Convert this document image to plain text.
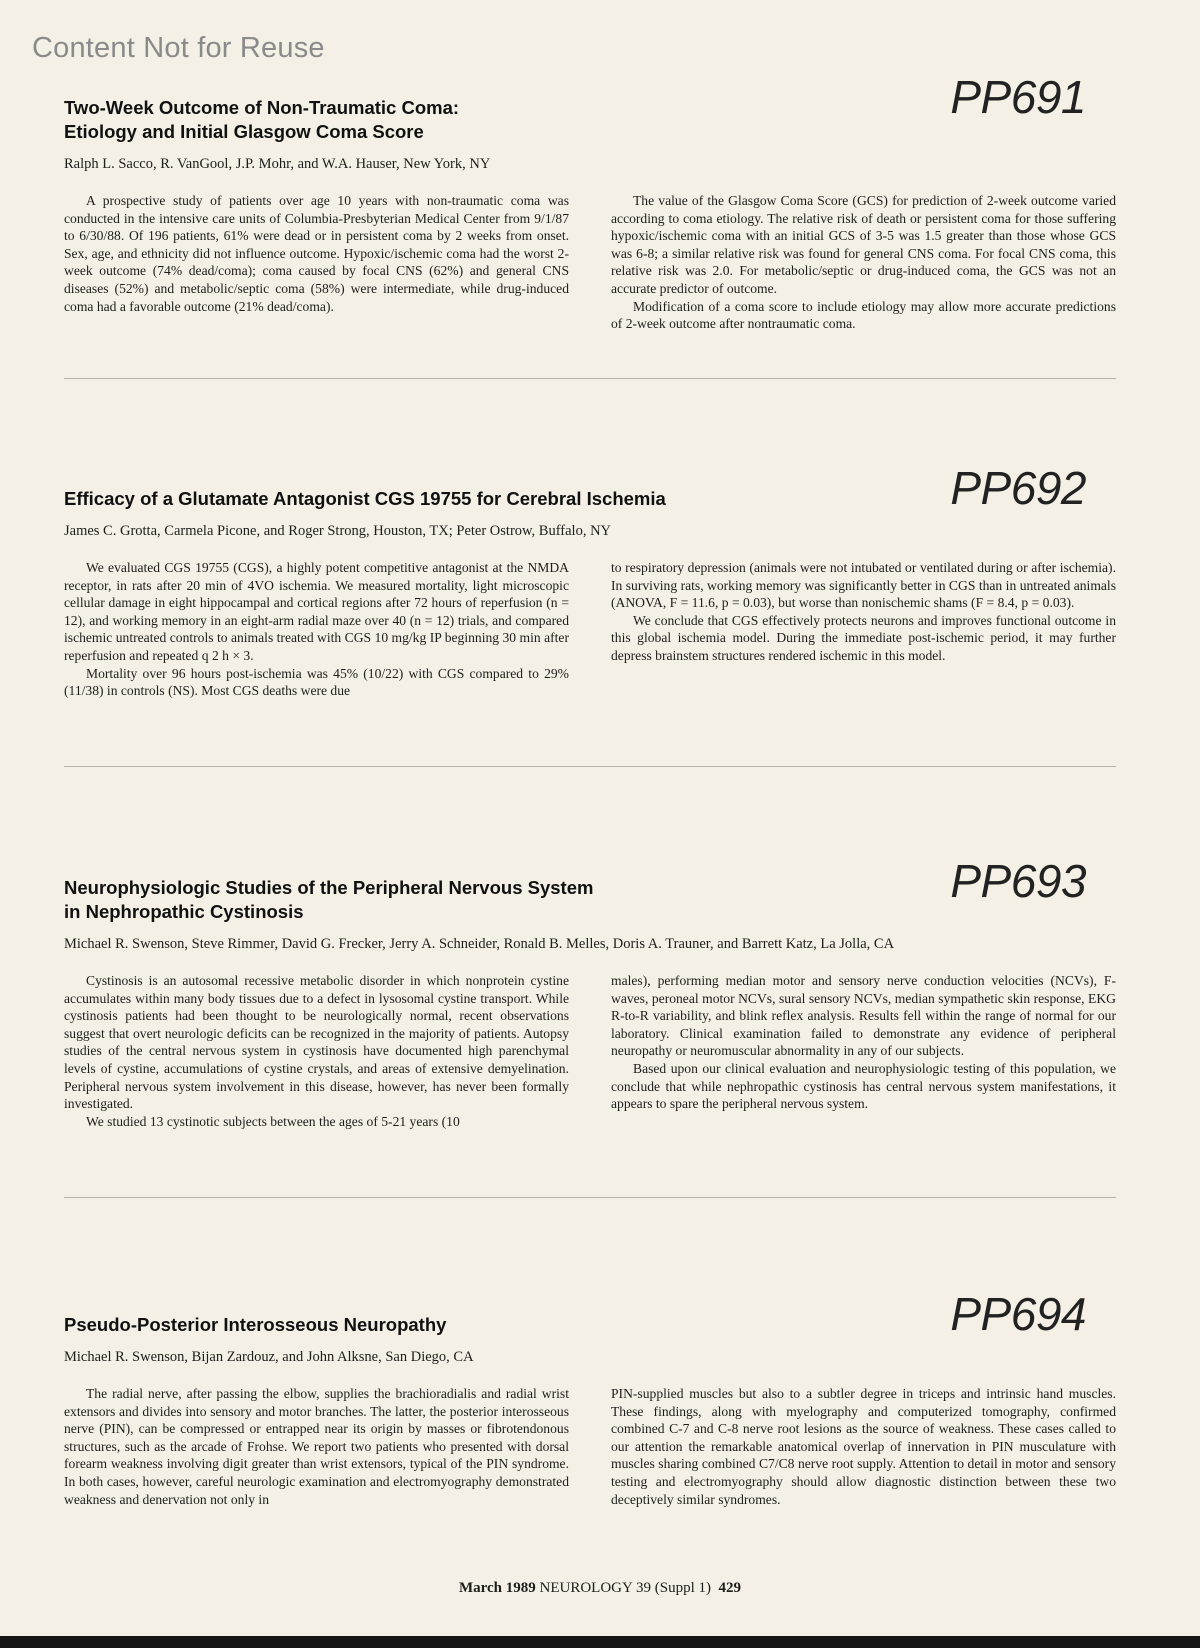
Content Not for Reuse
PP691
Two-Week Outcome of Non-Traumatic Coma:
Etiology and Initial Glasgow Coma Score

Ralph L. Sacco, R. VanGool, J.P. Mohr, and W.A. Hauser, New York, NY

A prospective study of patients over age 10 years with non-traumatic coma was conducted in the intensive care units of Columbia-Presbyterian Medical Center from 9/1/87 to 6/30/88. Of 196 patients, 61% were dead or in persistent coma by 2 weeks from onset. Sex, age, and ethnicity did not influence outcome. Hypoxic/ischemic coma had the worst 2-week outcome (74% dead/coma); coma caused by focal CNS (62%) and general CNS diseases (52%) and metabolic/septic coma (58%) were intermediate, while drug-induced coma had a favorable outcome (21% dead/coma).

The value of the Glasgow Coma Score (GCS) for prediction of 2-week outcome varied according to coma etiology. The relative risk of death or persistent coma for those suffering hypoxic/ischemic coma with an initial GCS of 3-5 was 1.5 greater than those whose GCS was 6-8; a similar relative risk was found for general CNS coma. For focal CNS coma, this relative risk was 2.0. For metabolic/septic or drug-induced coma, the GCS was not an accurate predictor of outcome.

Modification of a coma score to include etiology may allow more accurate predictions of 2-week outcome after nontraumatic coma.

PP692
Efficacy of a Glutamate Antagonist CGS 19755 for Cerebral Ischemia

James C. Grotta, Carmela Picone, and Roger Strong, Houston, TX; Peter Ostrow, Buffalo, NY

We evaluated CGS 19755 (CGS), a highly potent competitive antagonist at the NMDA receptor, in rats after 20 min of 4VO ischemia. We measured mortality, light microscopic cellular damage in eight hippocampal and cortical regions after 72 hours of reperfusion (n = 12), and working memory in an eight-arm radial maze over 40 (n = 12) trials, and compared ischemic untreated controls to animals treated with CGS 10 mg/kg IP beginning 30 min after reperfusion and repeated q 2 h × 3.

Mortality over 96 hours post-ischemia was 45% (10/22) with CGS compared to 29% (11/38) in controls (NS). Most CGS deaths were due

to respiratory depression (animals were not intubated or ventilated during or after ischemia). In surviving rats, working memory was significantly better in CGS than in untreated animals (ANOVA, F = 11.6, p = 0.03), but worse than nonischemic shams (F = 8.4, p = 0.03).

We conclude that CGS effectively protects neurons and improves functional outcome in this global ischemia model. During the immediate post-ischemic period, it may further depress brainstem structures rendered ischemic in this model.

PP693
Neurophysiologic Studies of the Peripheral Nervous System
in Nephropathic Cystinosis

Michael R. Swenson, Steve Rimmer, David G. Frecker, Jerry A. Schneider, Ronald B. Melles, Doris A. Trauner, and Barrett Katz, La Jolla, CA

Cystinosis is an autosomal recessive metabolic disorder in which nonprotein cystine accumulates within many body tissues due to a defect in lysosomal cystine transport. While cystinosis patients had been thought to be neurologically normal, recent observations suggest that overt neurologic deficits can be recognized in the majority of patients. Autopsy studies of the central nervous system in cystinosis have documented high parenchymal levels of cystine, accumulations of cystine crystals, and areas of extensive demyelination. Peripheral nervous system involvement in this disease, however, has never been formally investigated.

We studied 13 cystinotic subjects between the ages of 5-21 years (10

males), performing median motor and sensory nerve conduction velocities (NCVs), F-waves, peroneal motor NCVs, sural sensory NCVs, median sympathetic skin response, EKG R-to-R variability, and blink reflex analysis. Results fell within the range of normal for our laboratory. Clinical examination failed to demonstrate any evidence of peripheral neuropathy or neuromuscular abnormality in any of our subjects.

Based upon our clinical evaluation and neurophysiologic testing of this population, we conclude that while nephropathic cystinosis has central nervous system manifestations, it appears to spare the peripheral nervous system.

PP694
Pseudo-Posterior Interosseous Neuropathy

Michael R. Swenson, Bijan Zardouz, and John Alksne, San Diego, CA

The radial nerve, after passing the elbow, supplies the brachioradialis and radial wrist extensors and divides into sensory and motor branches. The latter, the posterior interosseous nerve (PIN), can be compressed or entrapped near its origin by masses or fibrotendonous structures, such as the arcade of Frohse. We report two patients who presented with dorsal forearm weakness involving digit greater than wrist extensors, typical of the PIN syndrome. In both cases, however, careful neurologic examination and electromyography demonstrated weakness and denervation not only in

PIN-supplied muscles but also to a subtler degree in triceps and intrinsic hand muscles. These findings, along with myelography and computerized tomography, confirmed combined C-7 and C-8 nerve root lesions as the source of weakness. These cases called to our attention the remarkable anatomical overlap of innervation in PIN musculature with muscles sharing combined C7/C8 nerve root supply. Attention to detail in motor and sensory testing and electromyography should allow diagnostic distinction between these two deceptively similar syndromes.

March 1989 NEUROLOGY 39 (Suppl 1) 429
